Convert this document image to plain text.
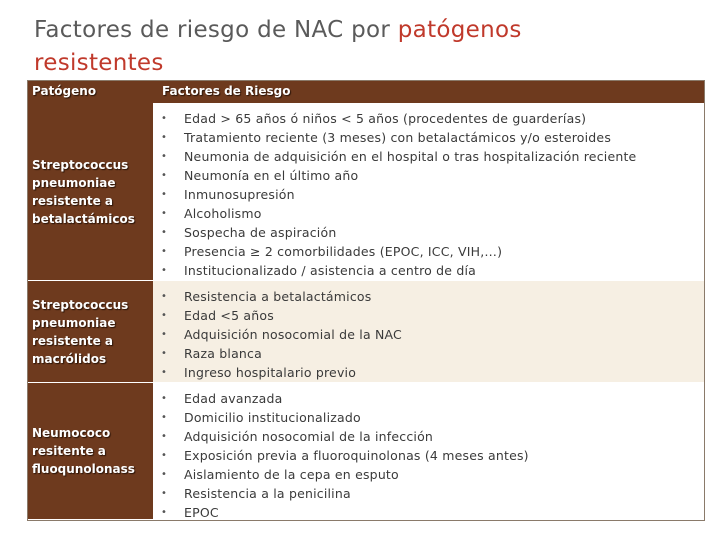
Factores de riesgo de NAC por patógenos
resistentes
Patógeno	Factores de Riesgo
Streptococcus
pneumoniae
resistente a
betalactámicos
• Edad > 65 años ó niños < 5 años (procedentes de guarderías)
• Tratamiento reciente (3 meses) con betalactámicos y/o esteroides
• Neumonia de adquisición en el hospital o tras hospitalización reciente
• Neumonía en el último año
• Inmunosupresión
• Alcoholismo
• Sospecha de aspiración
• Presencia ≥ 2 comorbilidades (EPOC, ICC, VIH,…)
• Institucionalizado / asistencia a centro de día
Streptococcus
pneumoniae
resistente a
macrólidos
• Resistencia a betalactámicos
• Edad <5 años
• Adquisición nosocomial de la NAC
• Raza blanca
• Ingreso hospitalario previo
Neumococo
resitente a
fluoqunolonass
• Edad avanzada
• Domicilio institucionalizado
• Adquisición nosocomial de la infección
• Exposición previa a fluoroquinolonas (4 meses antes)
• Aislamiento de la cepa en esputo
• Resistencia a la penicilina
• EPOC
